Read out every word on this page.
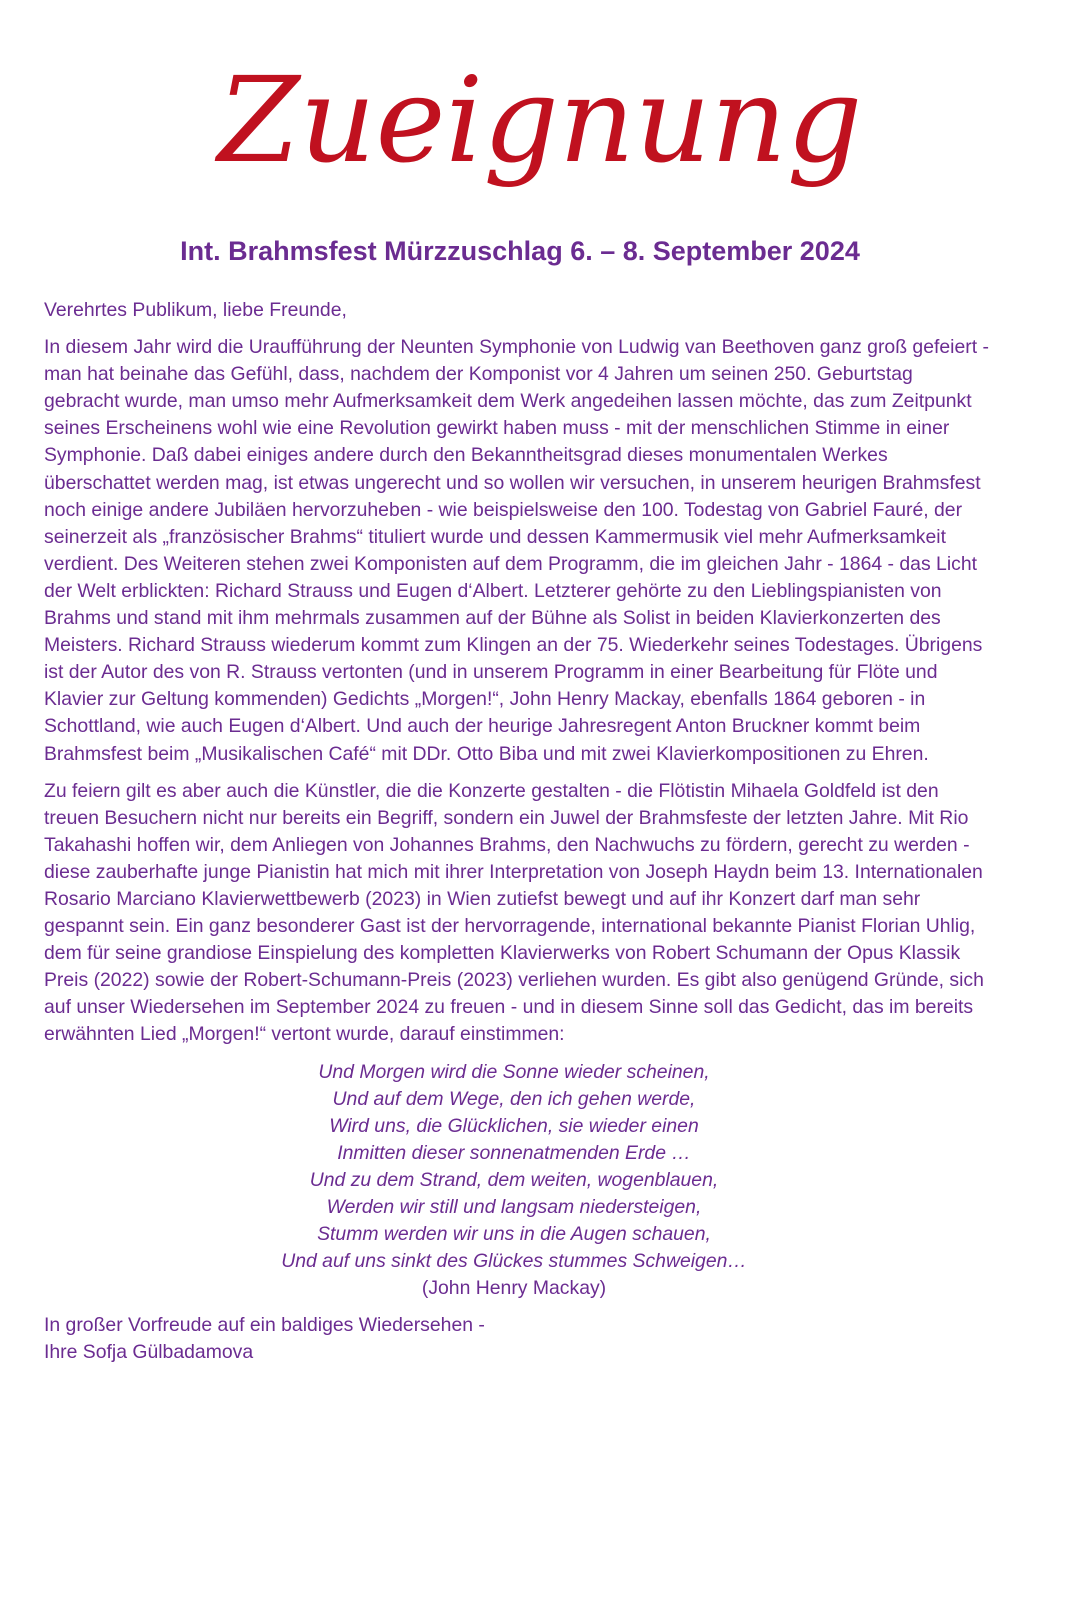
Zueignung
Int. Brahmsfest Mürzzuschlag 6. – 8. September 2024

Verehrtes Publikum, liebe Freunde,

In diesem Jahr wird die Uraufführung der Neunten Symphonie von Ludwig van Beethoven ganz groß gefeiert - man hat beinahe das Gefühl, dass, nachdem der Komponist vor 4 Jahren um seinen 250. Geburtstag gebracht wurde, man umso mehr Aufmerksamkeit dem Werk angedeihen lassen möchte, das zum Zeitpunkt seines Erscheinens wohl wie eine Revolution gewirkt haben muss - mit der menschlichen Stimme in einer Symphonie. Daß dabei einiges andere durch den Bekanntheitsgrad dieses monumentalen Werkes überschattet werden mag, ist etwas ungerecht und so wollen wir versuchen, in unserem heurigen Brahmsfest noch einige andere Jubiläen hervorzuheben - wie beispielsweise den 100. Todestag von Gabriel Fauré, der seinerzeit als „französischer Brahms“ tituliert wurde und dessen Kammermusik viel mehr Aufmerksamkeit verdient. Des Weiteren stehen zwei Komponisten auf dem Programm, die im gleichen Jahr - 1864 - das Licht der Welt erblickten: Richard Strauss und Eugen d‘Albert. Letzterer gehörte zu den Lieblingspianisten von Brahms und stand mit ihm mehrmals zusammen auf der Bühne als Solist in beiden Klavierkonzerten des Meisters. Richard Strauss wiederum kommt zum Klingen an der 75. Wiederkehr seines Todestages. Übrigens ist der Autor des von R. Strauss vertonten (und in unserem Programm in einer Bearbeitung für Flöte und Klavier zur Geltung kommenden) Gedichts „Morgen!“, John Henry Mackay, ebenfalls 1864 geboren - in Schottland, wie auch Eugen d‘Albert. Und auch der heurige Jahresregent Anton Bruckner kommt beim Brahmsfest beim „Musikalischen Café“ mit DDr. Otto Biba und mit zwei Klavierkompositionen zu Ehren.

Zu feiern gilt es aber auch die Künstler, die die Konzerte gestalten - die Flötistin Mihaela Goldfeld ist den treuen Besuchern nicht nur bereits ein Begriff, sondern ein Juwel der Brahmsfeste der letzten Jahre. Mit Rio Takahashi hoffen wir, dem Anliegen von Johannes Brahms, den Nachwuchs zu fördern, gerecht zu werden - diese zauberhafte junge Pianistin hat mich mit ihrer Interpretation von Joseph Haydn beim 13. Internationalen Rosario Marciano Klavierwettbewerb (2023) in Wien zutiefst bewegt und auf ihr Konzert darf man sehr gespannt sein. Ein ganz besonderer Gast ist der hervorragende, international bekannte Pianist Florian Uhlig, dem für seine grandiose Einspielung des kompletten Klavierwerks von Robert Schumann der Opus Klassik Preis (2022) sowie der Robert-Schumann-Preis (2023) verliehen wurden. Es gibt also genügend Gründe, sich auf unser Wiedersehen im September 2024 zu freuen - und in diesem Sinne soll das Gedicht, das im bereits erwähnten Lied „Morgen!“ vertont wurde, darauf einstimmen:

Und Morgen wird die Sonne wieder scheinen,
Und auf dem Wege, den ich gehen werde,
Wird uns, die Glücklichen, sie wieder einen
Inmitten dieser sonnenatmenden Erde …
Und zu dem Strand, dem weiten, wogenblauen,
Werden wir still und langsam niedersteigen,
Stumm werden wir uns in die Augen schauen,
Und auf uns sinkt des Glückes stummes Schweigen…
(John Henry Mackay)
In großer Vorfreude auf ein baldiges Wiedersehen -
Ihre Sofja Gülbadamova
